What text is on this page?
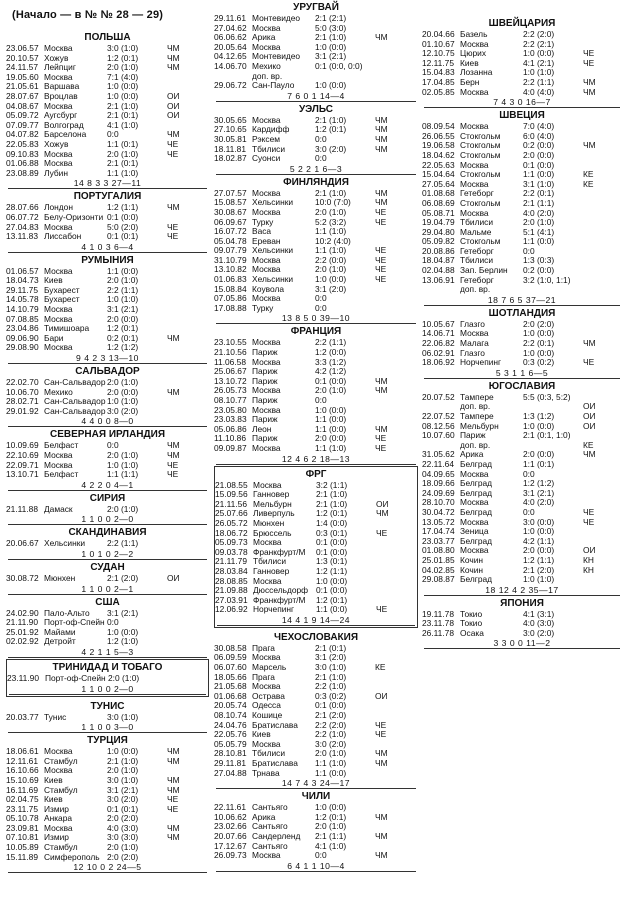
(Начало — в № № 28 — 29)
ПОЛЬША
23.06.57 Москва	3:0 (1:0)	ЧМ
20.10.57 Хожув	1:2 (0:1)	ЧМ
24.11.57 Лейпциг	2:0 (1:0)	ЧМ
19.05.60 Москва	7:1 (4:0)
21.05.61 Варшава	1:0 (0:0)
28.07.67 Вроцлав	1:0 (0:0)	ОИ
04.08.67 Москва	2:1 (1:0)	ОИ
05.09.72 Аугсбург	2:1 (0:1)	ОИ
07.09.77 Волгоград	4:1 (1:0)
04.07.82 Барселона	0:0	ЧМ
22.05.83 Хожув	1:1 (0:1)	ЧЕ
09.10.83 Москва	2:0 (1:0)	ЧЕ
01.06.88 Москва	2:1 (0:1)
23.08.89 Лубин	1:1 (1:0)
14 8 3 3 27—11
ПОРТУГАЛИЯ
28.07.66 Лондон	1:2 (1:1)	ЧМ
06.07.72 Белу-Оризонти 0:1 (0:0)
27.04.83 Москва	5:0 (2:0)	ЧЕ
13.11.83 Лиссабон	0:1 (0:1)	ЧЕ
4 1 0 3 6—4
РУМЫНИЯ
01.06.57 Москва	1:1 (0:0)
18.04.73 Киев	2:0 (1:0)
29.11.75 Бухарест	2:2 (1:1)
14.05.78 Бухарест	1:0 (1:0)
14.10.79 Москва	3:1 (2:1)
07.08.85 Москва	2:0 (0:0)
23.04.86 Тимишоара	1:2 (0:1)
09.06.90 Бари	0:2 (0:1)	ЧМ
29.08.90 Москва	1:2 (1:2)
9 4 2 3 13—10
САЛЬВАДОР
22.02.70 Сан-Сальвадор 2:0 (1:0)
10.06.70 Мехико	2:0 (0:0)	ЧМ
28.02.71 Сан-Сальвадор 1:0 (1:0)
29.01.92 Сан-Сальвадор 3:0 (2:0)
4 4 0 0 8—0
СЕВЕРНАЯ ИРЛАНДИЯ
10.09.69 Белфаст	0:0	ЧМ
22.10.69 Москва	2:0 (1:0)	ЧМ
22.09.71 Москва	1:0 (1:0)	ЧЕ
13.10.71 Белфаст	1:1 (1:1)	ЧЕ
4 2 2 0 4—1
СИРИЯ
21.11.88 Дамаск	2:0 (1:0)
1 1 0 0 2—0
СКАНДИНАВИЯ
20.06.67 Хельсинки	2:2 (1:1)
1 0 1 0 2—2
СУДАН
30.08.72 Мюнхен	2:1 (2:0)	ОИ
1 1 0 0 2—1
США
24.02.90 Пало-Альто	3:1 (2:1)
21.11.90 Порт-оф-Спейн 0:0
25.01.92 Майами	1:0 (0:0)
02.02.92 Детройт	1:2 (1:0)
4 2 1 1 5—3
ТРИНИДАД И ТОБАГО
23.11.90 Порт-оф-Спейн 2:0 (1:0)
1 1 0 0 2—0
ТУНИС
20.03.77 Тунис	3:0 (1:0)
1 1 0 0 3—0
ТУРЦИЯ
18.06.61 Москва	1:0 (0:0)	ЧМ
12.11.61 Стамбул	2:1 (1:0)	ЧМ
16.10.66 Москва	2:0 (1:0)
15.10.69 Киев	3:0 (1:0)	ЧМ
16.11.69 Стамбул	3:1 (2:1)	ЧМ
02.04.75 Киев	3:0 (2:0)	ЧЕ
23.11.75 Измир	0:1 (0:1)	ЧЕ
05.10.78 Анкара	2:0 (2:0)
23.09.81 Москва	4:0 (3:0)	ЧМ
07.10.81 Измир	3:0 (3:0)	ЧМ
10.05.89 Стамбул	2:0 (1:0)
15.11.89 Симферополь 2:0 (2:0)
12 10 0 2 24—5
УРУГВАЙ
29.11.61 Монтевидео	2:1 (2:1)
27.04.62 Москва	5:0 (3:0)
06.06.62 Арика	2:1 (1:0)	ЧМ
20.05.64 Москва	1:0 (0:0)
04.12.65 Монтевидео	3:1 (2:1)
14.06.70 Мехико	0:1 (0:0, 0:0)
доп. вр.
29.06.72 Сан-Пауло	1:0 (0:0)
7 6 0 1 14—4
УЭЛЬС
30.05.65 Москва	2:1 (1:0)	ЧМ
27.10.65 Кардифф	1:2 (0:1)	ЧМ
30.05.81 Рэксем	0:0	ЧМ
18.11.81 Тбилиси	3:0 (2:0)	ЧМ
18.02.87 Суонси	0:0
5 2 2 1 6—3
ФИНЛЯНДИЯ
27.07.57 Москва	2:1 (1:0)	ЧМ
15.08.57 Хельсинки	10:0 (7:0)	ЧМ
30.08.67 Москва	2:0 (1:0)	ЧЕ
06.09.67 Турку	5:2 (3:2)	ЧЕ
16.07.72 Васа	1:1 (1:0)
05.04.78 Ереван	10:2 (4:0)
09.07.79 Хельсинки	1:1 (1:0)	ЧЕ
31.10.79 Москва	2:2 (0:0)	ЧЕ
13.10.82 Москва	2:0 (1:0)	ЧЕ
01.06.83 Хельсинки	1:0 (0:0)	ЧЕ
15.08.84 Коувола	3:1 (2:0)
07.05.86 Москва	0:0
17.08.88 Турку	0:0
13 8 5 0 39—10
ФРАНЦИЯ
23.10.55 Москва	2:2 (1:1)
21.10.56 Париж	1:2 (0:0)
11.06.58 Москва	3:3 (1:2)
25.06.67 Париж	4:2 (1:2)
13.10.72 Париж	0:1 (0:0)	ЧМ
26.05.73 Москва	2:0 (1:0)	ЧМ
08.10.77 Париж	0:0
23.05.80 Москва	1:0 (0:0)
23.03.83 Париж	1:1 (0:0)
05.06.86 Леон	1:1 (0:0)	ЧМ
11.10.86 Париж	2:0 (0:0)	ЧЕ
09.09.87 Москва	1:1 (1:0)	ЧЕ
12 4 6 2 18—13
ФРГ
21.08.55 Москва	3:2 (1:1)
15.09.56 Ганновер	2:1 (1:0)
21.11.56 Мельбурн	2:1 (1:0)	ОИ
25.07.66 Ливерпуль	1:2 (0:1)	ЧМ
26.05.72 Мюнхен	1:4 (0:0)
18.06.72 Брюссель	0:3 (0:1)	ЧЕ
05.09.73 Москва	0:1 (0:0)
09.03.78 Франкфурт/М	0:1 (0:0)
21.11.79 Тбилиси	1:3 (0:1)
28.03.84 Ганновер	1:2 (1:1)
28.08.85 Москва	1:0 (0:0)
21.09.88 Дюссельдорф 0:1 (0:0)
27.03.91 Франкфурт/М	1:2 (0:1)
12.06.92 Норчепинг	1:1 (0:0)	ЧЕ
14 4 1 9 14—24
ЧЕХОСЛОВАКИЯ
30.08.58 Прага	2:1 (0:1)
06.09.59 Москва	3:1 (2:0)
06.07.60 Марсель	3:0 (1:0)	КЕ
18.05.66 Прага	2:1 (1:0)
21.05.68 Москва	2:2 (1:0)
01.06.68 Острава	0:3 (0:2)	ОИ
20.05.74 Одесса	0:1 (0:0)
08.10.74 Кошице	2:1 (2:0)
24.04.76 Братислава	2:2 (2:0)	ЧЕ
22.05.76 Киев	2:2 (1:0)	ЧЕ
05.05.79 Москва	3:0 (2:0)
28.10.81 Тбилиси	2:0 (1:0)	ЧМ
29.11.81 Братислава	1:1 (1:0)	ЧМ
27.04.88 Трнава	1:1 (0:0)
14 7 4 3 24—17
ЧИЛИ
22.11.61 Сантьяго	1:0 (0:0)
10.06.62 Арика	1:2 (0:1)	ЧМ
23.02.66 Сантьяго	2:0 (1:0)
20.07.66 Сандерленд	2:1 (1:1)	ЧМ
17.12.67 Сантьяго	4:1 (1:0)
26.09.73 Москва	0:0	ЧМ
6 4 1 1 10—4
ШВЕЙЦАРИЯ
20.04.66 Базель	2:2 (2:0)
01.10.67 Москва	2:2 (2:1)
12.10.75 Цюрих	1:0 (0:0)	ЧЕ
12.11.75 Киев	4:1 (2:1)	ЧЕ
15.04.83 Лозанна	1:0 (1:0)
17.04.85 Берн	2:2 (1:1)	ЧМ
02.05.85 Москва	4:0 (4:0)	ЧМ
7 4 3 0 16—7
ШВЕЦИЯ
08.09.54 Москва	7:0 (4:0)
26.06.55 Стокгольм	6:0 (4:0)
19.06.58 Стокгольм	0:2 (0:0)	ЧМ
18.04.62 Стокгольм	2:0 (0:0)
22.05.63 Москва	0:1 (0:0)
15.04.64 Стокгольм	1:1 (0:0)	КЕ
27.05.64 Москва	3:1 (1:0)	КЕ
01.08.68 Гетеборг	2:2 (0:1)
06.08.69 Стокгольм	2:1 (1:1)
05.08.71 Москва	4:0 (2:0)
19.04.79 Тбилиси	2:0 (1:0)
29.04.80 Мальме	5:1 (4:1)
05.09.82 Стокгольм	1:1 (0:0)
20.08.86 Гетеборг	0:0
18.04.87 Тбилиси	1:3 (0:3)
02.04.88 Зап. Берлин	0:2 (0:0)
13.06.91 Гетеборг	3:2 (1:0, 1:1)
доп. вр.
18 7 6 5 37—21
ШОТЛАНДИЯ
10.05.67 Глазго	2:0 (2:0)
14.06.71 Москва	1:0 (0:0)
22.06.82 Малага	2:2 (0:1)	ЧМ
06.02.91 Глазго	1:0 (0:0)
18.06.92 Норчепинг	0:3 (0:2)	ЧЕ
5 3 1 1 6—5
ЮГОСЛАВИЯ
20.07.52 Тампере	5:5 (0:3, 5:2)
доп. вр.	ОИ
22.07.52 Тампере	1:3 (1:2)	ОИ
08.12.56 Мельбурн	1:0 (0:0)	ОИ
10.07.60 Париж	2:1 (0:1, 1:0)
доп. вр.	КЕ
31.05.62 Арика	2:0 (0:0)	ЧМ
22.11.64 Белград	1:1 (0:1)
04.09.65 Москва	0:0
18.09.66 Белград	1:2 (1:2)
24.09.69 Белград	3:1 (2:1)
28.10.70 Москва	4:0 (2:0)
30.04.72 Белград	0:0	ЧЕ
13.05.72 Москва	3:0 (0:0)	ЧЕ
17.04.74 Зеница	1:0 (0:0)
23.03.77 Белград	4:2 (1:1)
01.08.80 Москва	2:0 (0:0)	ОИ
25.01.85 Кочин	1:2 (1:1)	КН
04.02.85 Кочин	2:1 (2:0)	КН
29.08.87 Белград	1:0 (1:0)
18 12 4 2 35—17
ЯПОНИЯ
19.11.78 Токио	4:1 (3:1)
23.11.78 Токио	4:0 (3:0)
26.11.78 Осака	3:0 (2:0)
3 3 0 0 11—2
